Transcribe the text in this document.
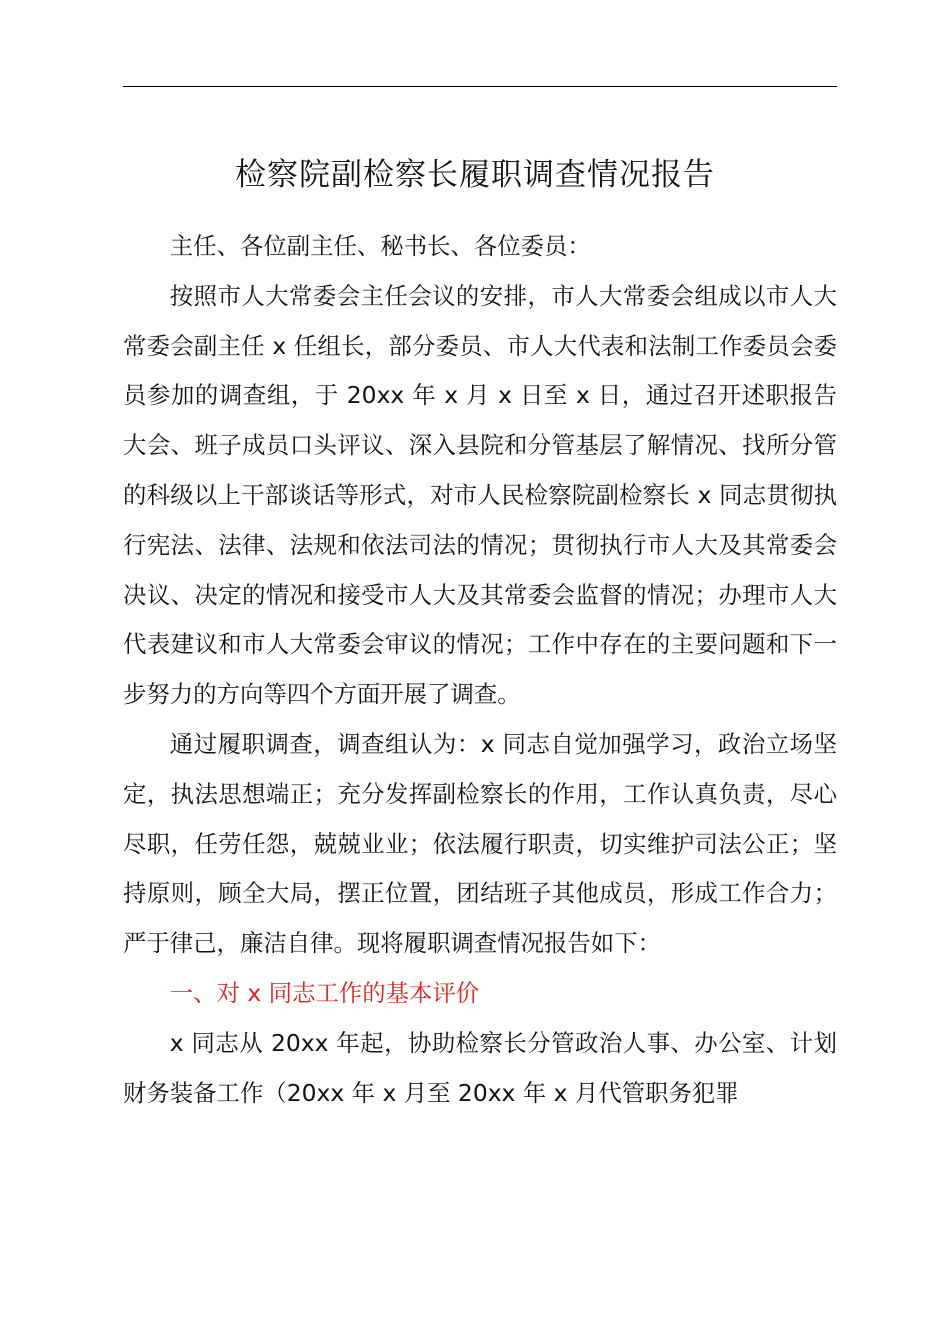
检察院副检察长履职调查情况报告

主任、各位副主任、秘书长、各位委员：

按照市人大常委会主任会议的安排，市人大常委会组成以市人大常委会副主任 x 任组长，部分委员、市人大代表和法制工作委员会委员参加的调查组，于 20xx 年 x 月 x 日至 x 日，通过召开述职报告大会、班子成员口头评议、深入县院和分管基层了解情况、找所分管的科级以上干部谈话等形式，对市人民检察院副检察长 x 同志贯彻执行宪法、法律、法规和依法司法的情况；贯彻执行市人大及其常委会决议、决定的情况和接受市人大及其常委会监督的情况；办理市人大代表建议和市人大常委会审议的情况；工作中存在的主要问题和下一步努力的方向等四个方面开展了调查。

通过履职调查，调查组认为：x 同志自觉加强学习，政治立场坚定，执法思想端正；充分发挥副检察长的作用，工作认真负责，尽心尽职，任劳任怨，兢兢业业；依法履行职责，切实维护司法公正；坚持原则，顾全大局，摆正位置，团结班子其他成员，形成工作合力；严于律己，廉洁自律。现将履职调查情况报告如下：

一、对 x 同志工作的基本评价

x 同志从 20xx 年起，协助检察长分管政治人事、办公室、计划财务装备工作（20xx 年 x 月至 20xx 年 x 月代管职务犯罪
